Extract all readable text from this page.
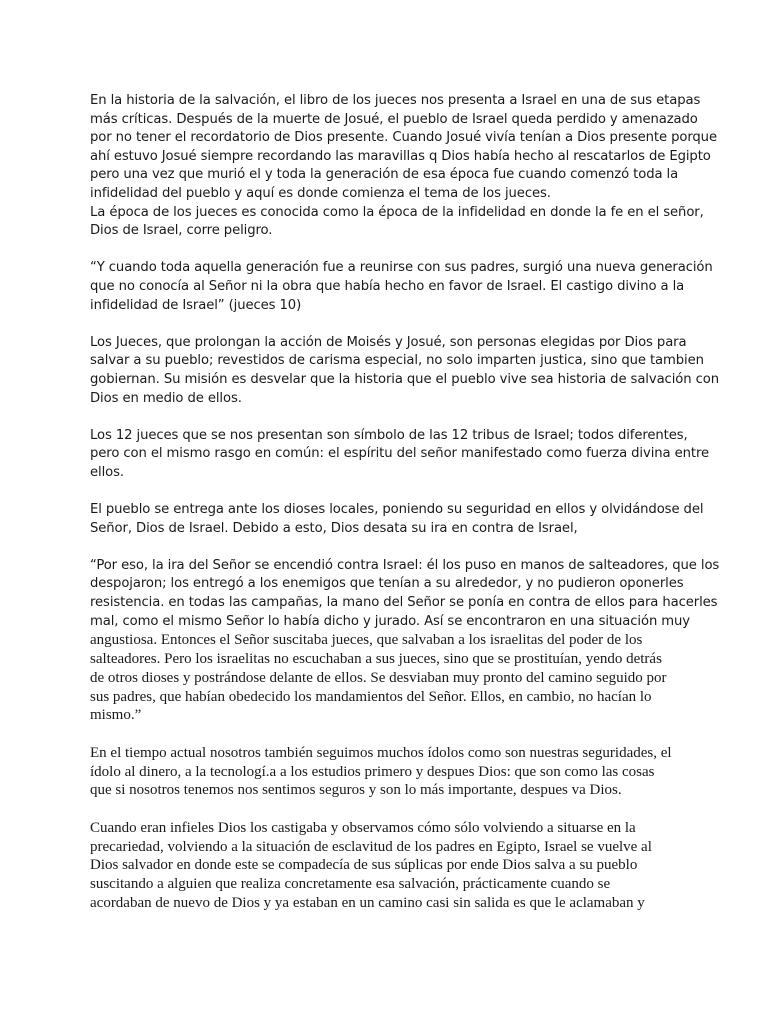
En la historia de la salvación, el libro de los jueces nos presenta a Israel en una de sus etapas
más críticas. Después de la muerte de Josué, el pueblo de Israel queda perdido y amenazado
por no tener el recordatorio de Dios presente. Cuando Josué vivía tenían a Dios presente porque
ahí estuvo Josué siempre recordando las maravillas q Dios había hecho al rescatarlos de Egipto
pero una vez que murió el y toda la generación de esa época fue cuando comenzó toda la
infidelidad del pueblo y aquí es donde comienza el tema de los jueces.
La época de los jueces es conocida como la época de la infidelidad en donde la fe en el señor,
Dios de Israel, corre peligro.
“Y cuando toda aquella generación fue a reunirse con sus padres, surgió una nueva generación
que no conocía al Señor ni la obra que había hecho en favor de Israel. El castigo divino a la
infidelidad de Israel” (jueces 10)
Los Jueces, que prolongan la acción de Moisés y Josué, son personas elegidas por Dios para
salvar a su pueblo; revestidos de carisma especial, no solo imparten justica, sino que tambien
gobiernan. Su misión es desvelar que la historia que el pueblo vive sea historia de salvación con
Dios en medio de ellos.
Los 12 jueces que se nos presentan son símbolo de las 12 tribus de Israel; todos diferentes,
pero con el mismo rasgo en común: el espíritu del señor manifestado como fuerza divina entre
ellos.
El pueblo se entrega ante los dioses locales, poniendo su seguridad en ellos y olvidándose del
Señor, Dios de Israel. Debido a esto, Dios desata su ira en contra de Israel,
“Por eso, la ira del Señor se encendió contra Israel: él los puso en manos de salteadores, que los
despojaron; los entregó a los enemigos que tenían a su alrededor, y no pudieron oponerles
resistencia. en todas las campañas, la mano del Señor se ponía en contra de ellos para hacerles
mal, como el mismo Señor lo había dicho y jurado. Así se encontraron en una situación muy
angustiosa. Entonces el Señor suscitaba jueces, que salvaban a los israelitas del poder de los
salteadores. Pero los israelitas no escuchaban a sus jueces, sino que se prostituían, yendo detrás
de otros dioses y postrándose delante de ellos. Se desviaban muy pronto del camino seguido por
sus padres, que habían obedecido los mandamientos del Señor. Ellos, en cambio, no hacían lo
mismo.”
En el tiempo actual nosotros también seguimos muchos ídolos como son nuestras seguridades, el
ídolo al dinero, a la tecnologí.a a los estudios primero y despues Dios: que son como las cosas
que si nosotros tenemos nos sentimos seguros y son lo más importante, despues va Dios.
Cuando eran infieles Dios los castigaba y observamos cómo sólo volviendo a situarse en la
precariedad, volviendo a la situación de esclavitud de los padres en Egipto, Israel se vuelve al
Dios salvador en donde este se compadecía de sus súplicas por ende Dios salva a su pueblo
suscitando a alguien que realiza concretamente esa salvación, prácticamente cuando se
acordaban de nuevo de Dios y ya estaban en un camino casi sin salida es que le aclamaban y
